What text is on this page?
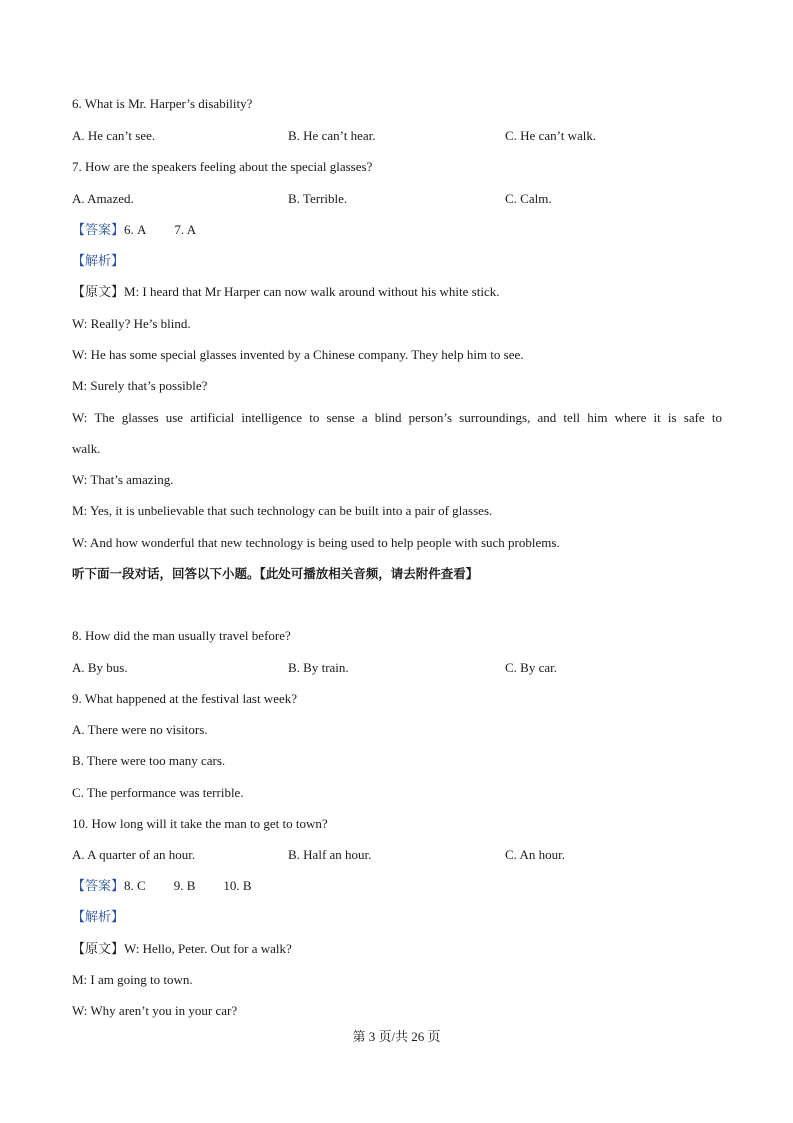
6. What is Mr. Harper’s disability?
A. He can’t see.	B. He can’t hear.	C. He can’t walk.
7. How are the speakers feeling about the special glasses?
A. Amazed.	B. Terrible.	C. Calm.
【答案】6. A 7. A
【解析】
【原文】M: I heard that Mr Harper can now walk around without his white stick.
W: Really? He’s blind.
W: He has some special glasses invented by a Chinese company. They help him to see.
M: Surely that’s possible?
W: The glasses use artificial intelligence to sense a blind person’s surroundings, and tell him where it is safe to
walk.
W: That’s amazing.
M: Yes, it is unbelievable that such technology can be built into a pair of glasses.
W: And how wonderful that new technology is being used to help people with such problems.
听下面一段对话，回答以下小题。【此处可播放相关音频，请去附件查看】
8. How did the man usually travel before?
A. By bus.	B. By train.	C. By car.
9. What happened at the festival last week?
A. There were no visitors.
B. There were too many cars.
C. The performance was terrible.
10. How long will it take the man to get to town?
A. A quarter of an hour.	B. Half an hour.	C. An hour.
【答案】8. C 9. B 10. B
【解析】
【原文】W: Hello, Peter. Out for a walk?
M: I am going to town.
W: Why aren’t you in your car?
第 3 页/共 26 页
